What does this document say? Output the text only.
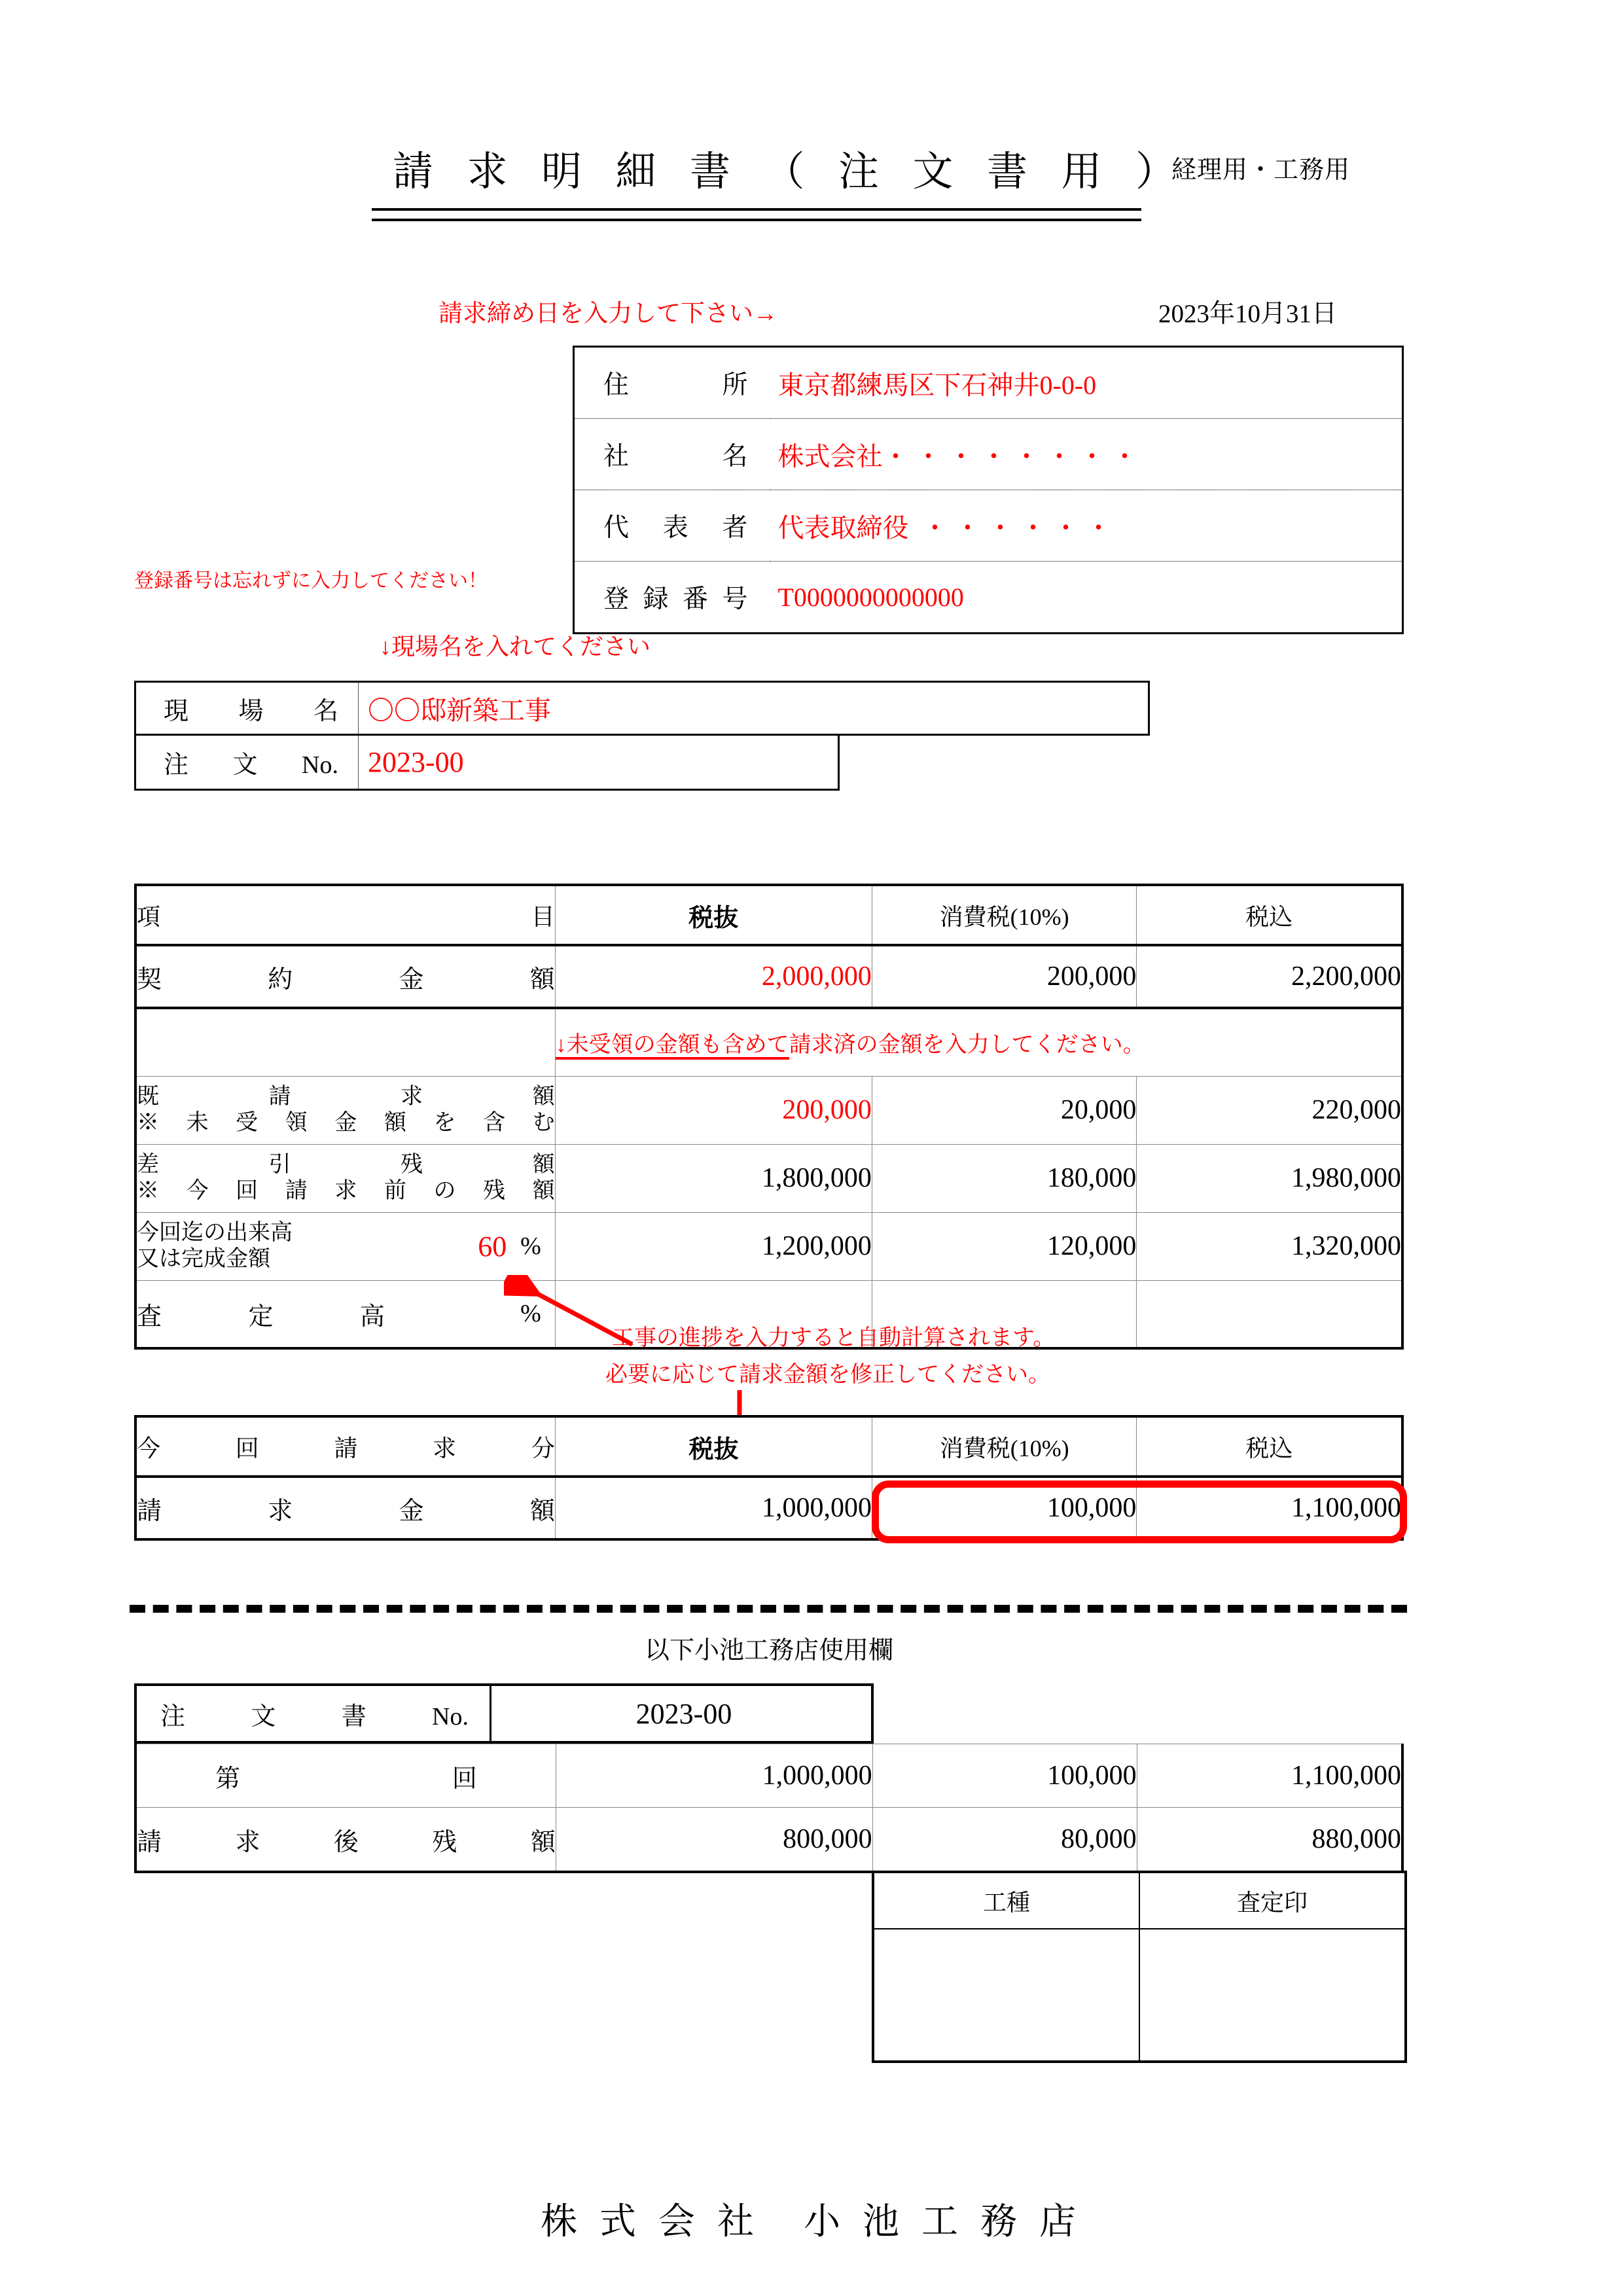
請 求 明 細 書 （ 注 文 書 用 ）
経理用・工務用
請求締め日を入力して下さい→	2023年10月31日
住所	東京都練馬区下石神井0-0-0
社名	株式会社・・・・・・・・
代表者	代表取締役 ・・・・・・
登録番号	T0000000000000
登録番号は忘れずに入力してください！
↓現場名を入れてください
現場名	〇〇邸新築工事
注文No.	2023-00
項目			税抜	消費税(10%)	税込

契約金額			2,000,000	200,000	2,200,000
			↓未受領の金額も含めて請求済の金額を入力してください。		

既請求額
※未受領金額を含む			200,000	20,000	220,000

差引残額
※今回請求前の残額			1,800,000	180,000	1,980,000

今回迄の出来高
又は完成金額	60	%	1,200,000	120,000	1,320,000

査定高		%			
工事の進捗を入力すると自動計算されます。
必要に応じて請求金額を修正してください。
今回請求分	税抜	消費税(10%)	税込

請求金額	1,000,000	100,000	1,100,000
以下小池工務店使用欄
注文書No.	2023-00
第回	1,000,000	100,000	1,100,000

請求後残額	800,000	80,000	880,000
工種	査定印

株 式 会 社　小 池 工 務 店
